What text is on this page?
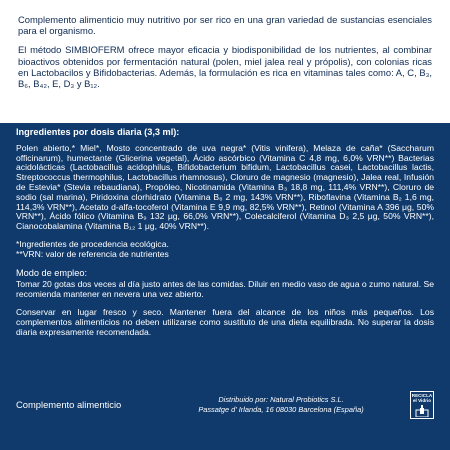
Complemento alimenticio muy nutritivo por ser rico en una gran variedad de sustancias esenciales para el organismo.

El método SIMBIOFERM ofrece mayor eficacia y biodisponibilidad de los nutrientes, al combinar bioactivos obtenidos por fermentación natural (polen, miel jalea real y própolis), con colonias ricas en Lactobacilos y Bifidobacterias. Además, la formulación es rica en vitaminas tales como: A, C, B₃, B₆, B₄₂, E, D₃ y B₁₂.

Ingredientes por dosis diaria (3,3 ml):

Polen abierto,* Miel*, Mosto concentrado de uva negra* (Vitis vinifera), Melaza de caña* (Saccharum officinarum), humectante (Glicerina vegetal), Ácido ascórbico (Vitamina C 4,8 mg, 6,0% VRN**) Bacterias acidolácticas (Lactobacillus acidophilus, Bifidobacterium bifidum, Lactobacillus casei, Lactobacillus lactis, Streptococcus thermophilus, Lactobacillus rhamnosus), Cloruro de magnesio (magnesio), Jalea real, Infusión de Estevia* (Stevia rebaudiana), Propóleo, Nicotinamida (Vitamina B₃ 18,8 mg, 111,4% VRN**), Cloruro de sodio (sal marina), Piridoxina clorhidrato (Vitamina B₆ 2 mg, 143% VRN**), Riboflavina (Vitamina B₂ 1,6 mg, 114,3% VRN**), Acetato d-alfa-tocoferol (Vitamina E 9,9 mg, 82,5% VRN**), Retinol (Vitamina A 396 μg, 50% VRN**), Ácido fólico (Vitamina B₉ 132 μg, 66,0% VRN**), Colecalciferol (Vitamina D₃ 2,5 μg, 50% VRN**), Cianocobalamina (Vitamina B₁₂ 1 μg, 40% VRN**).

*Ingredientes de procedencia ecológica.

**VRN: valor de referencia de nutrientes

Modo de empleo:

Tomar 20 gotas dos veces al día justo antes de las comidas. Diluir en medio vaso de agua o zumo natural. Se recomienda mantener en nevera una vez abierto.

Conservar en lugar fresco y seco. Mantener fuera del alcance de los niños más pequeños. Los complementos alimenticios no deben utilizarse como sustituto de una dieta equilibrada. No superar la dosis diaria expresamente recomendada.

Complemento alimenticio	Distribuido por: Natural Probiotics S.L.
Passatge d' Irlanda, 16 08030 Barcelona (España)
RECICLA el Vidrio
